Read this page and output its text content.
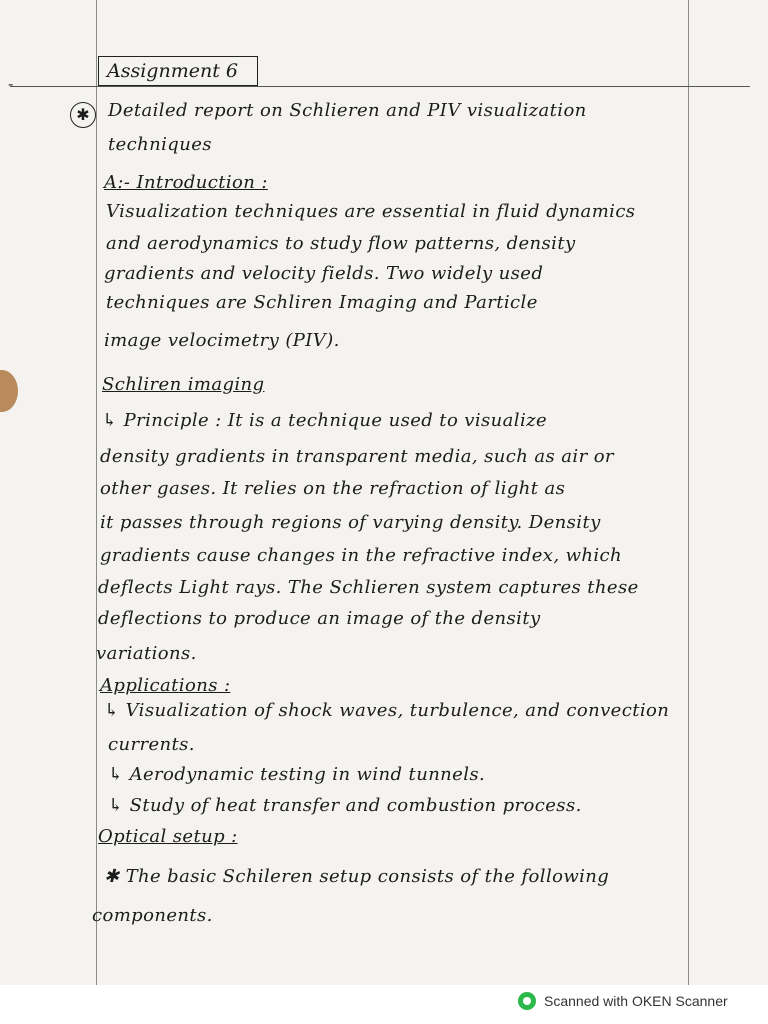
-
Assignment 6
✱	Detailed report on Schlieren and PIV visualization
techniques
A:- Introduction :
Visualization techniques are essential in fluid dynamics
and aerodynamics to study flow patterns, density
gradients and velocity fields. Two widely used
techniques are Schliren Imaging and Particle
image velocimetry (PIV).
Schliren imaging
↳ Principle : It is a technique used to visualize
density gradients in transparent media, such as air or
other gases. It relies on the refraction of light as
it passes through regions of varying density. Density
gradients cause changes in the refractive index, which
deflects Light rays. The Schlieren system captures these
deflections to produce an image of the density
variations.
Applications :
↳ Visualization of shock waves, turbulence, and convection
currents.
↳ Aerodynamic testing in wind tunnels.
↳ Study of heat transfer and combustion process.
Optical setup :
✱ The basic Schileren setup consists of the following
components.
Scanned with OKEN Scanner
